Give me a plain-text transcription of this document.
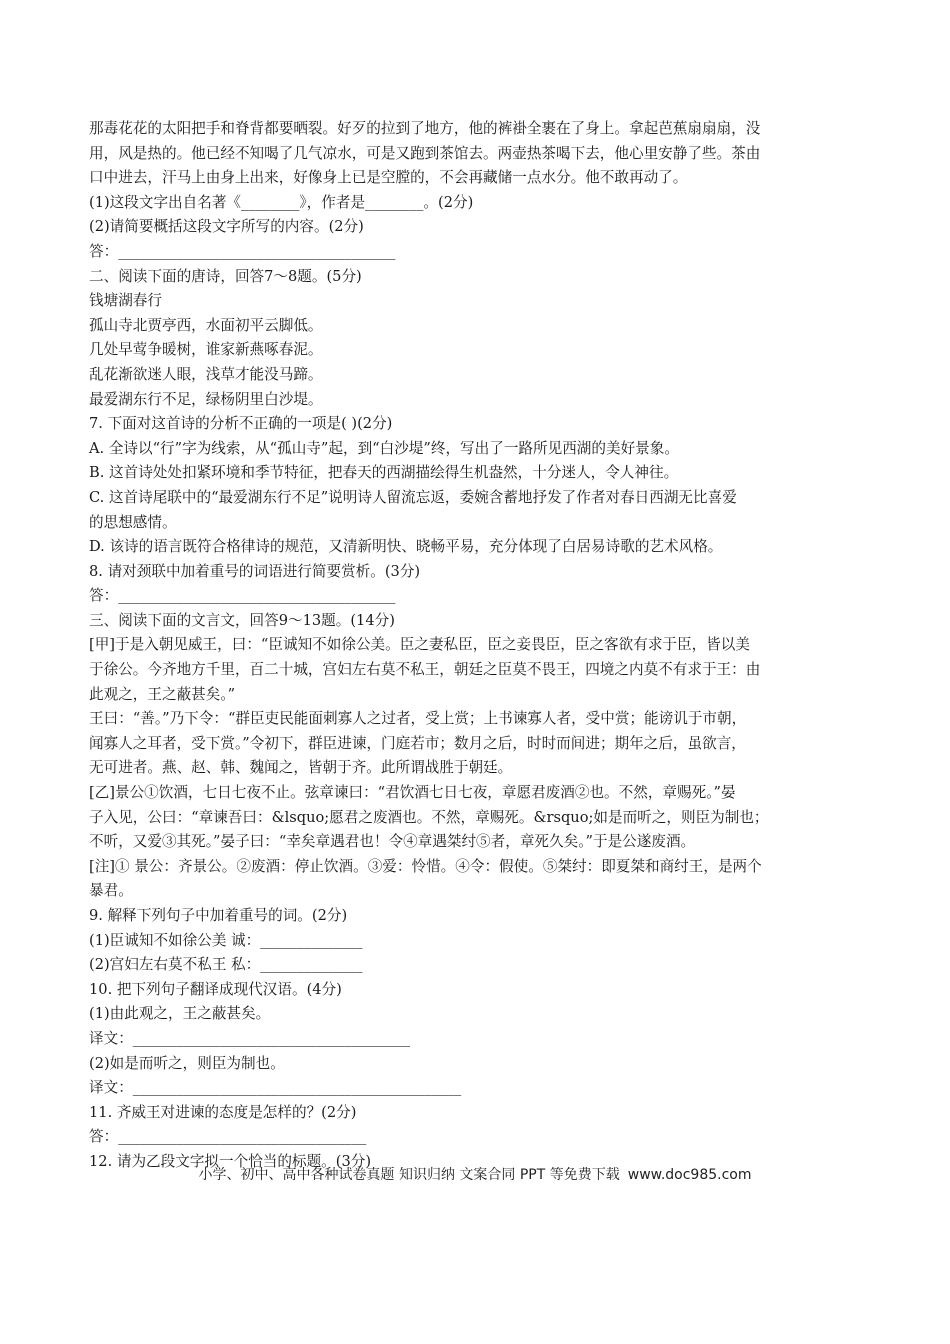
那毒花花的太阳把手和脊背都要晒裂。好歹的拉到了地方，他的裤褂全裹在了身上。拿起芭蕉扇扇扇，没
用，风是热的。他已经不知喝了几气凉水，可是又跑到茶馆去。两壶热茶喝下去，他心里安静了些。茶由
口中进去，汗马上由身上出来，好像身上已是空膛的，不会再藏储一点水分。他不敢再动了。
(1)这段文字出自名著《________》，作者是________。(2分)
(2)请简要概括这段文字所写的内容。(2分)
答：______________________________________
二、阅读下面的唐诗，回答7～8题。(5分)
钱塘湖春行
孤山寺北贾亭西，水面初平云脚低。
几处早莺争暖树，谁家新燕啄春泥。
乱花渐欲迷人眼，浅草才能没马蹄。
最爱湖东行不足，绿杨阴里白沙堤。
7. 下面对这首诗的分析不正确的一项是( )(2分)
A. 全诗以“行”字为线索，从“孤山寺”起，到“白沙堤”终，写出了一路所见西湖的美好景象。
B. 这首诗处处扣紧环境和季节特征，把春天的西湖描绘得生机盎然，十分迷人，令人神往。
C. 这首诗尾联中的“最爱湖东行不足”说明诗人留流忘返，委婉含蓄地抒发了作者对春日西湖无比喜爱
的思想感情。
D. 该诗的语言既符合格律诗的规范，又清新明快、晓畅平易，充分体现了白居易诗歌的艺术风格。
8. 请对颈联中加着重号的词语进行简要赏析。(3分)
答：______________________________________
三、阅读下面的文言文，回答9～13题。(14分)
[甲]于是入朝见威王，曰：“臣诚知不如徐公美。臣之妻私臣，臣之妾畏臣，臣之客欲有求于臣，皆以美
于徐公。今齐地方千里，百二十城，宫妇左右莫不私王，朝廷之臣莫不畏王，四境之内莫不有求于王：由
此观之，王之蔽甚矣。”
王曰：“善。”乃下令：“群臣吏民能面刺寡人之过者，受上赏；上书谏寡人者，受中赏；能谤讥于市朝，
闻寡人之耳者，受下赏。”令初下，群臣进谏，门庭若市；数月之后，时时而间进；期年之后，虽欲言，
无可进者。燕、赵、韩、魏闻之，皆朝于齐。此所谓战胜于朝廷。
[乙]景公①饮酒，七日七夜不止。弦章谏曰：“君饮酒七日七夜，章愿君废酒②也。不然，章赐死。”晏
子入见，公曰：“章谏吾曰：&lsquo;愿君之废酒也。不然，章赐死。&rsquo;如是而听之，则臣为制也；
不听，又爱③其死。”晏子曰：“幸矣章遇君也！令④章遇桀纣⑤者，章死久矣。”于是公遂废酒。
[注]① 景公：齐景公。②废酒：停止饮酒。③爱：怜惜。④令：假使。⑤桀纣：即夏桀和商纣王，是两个
暴君。
9. 解释下列句子中加着重号的词。(2分)
(1)臣诚知不如徐公美 诚：______________
(2)宫妇左右莫不私王 私：______________
10. 把下列句子翻译成现代汉语。(4分)
(1)由此观之，王之蔽甚矣。
译文：______________________________________
(2)如是而听之，则臣为制也。
译文：_____________________________________________
11. 齐威王对进谏的态度是怎样的？(2分)
答：__________________________________
12. 请为乙段文字拟一个恰当的标题。(3分)
小学、初中、高中各种试卷真题 知识归纳 文案合同 PPT 等免费下载 www.doc985.com
